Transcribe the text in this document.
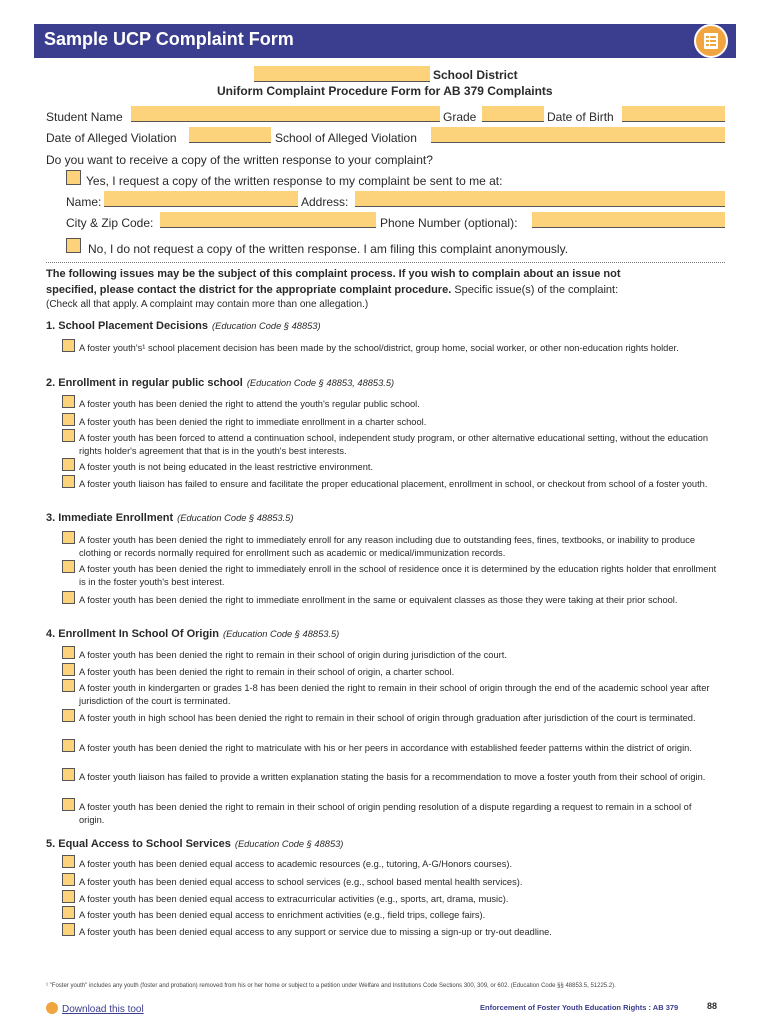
Sample UCP Complaint Form
School District
Uniform Complaint Procedure Form for AB 379 Complaints
Student Name	Grade	Date of Birth
Date of Alleged Violation	School of Alleged Violation
Do you want to receive a copy of the written response to your complaint?
Yes, I request a copy of the written response to my complaint be sent to me at:
Name:	Address:
City & Zip Code:	Phone Number (optional):
No, I do not request a copy of the written response. I am filing this complaint anonymously.
The following issues may be the subject of this complaint process. If you wish to complain about an issue not
specified, please contact the district for the appropriate complaint procedure. Specific issue(s) of the complaint:
(Check all that apply. A complaint may contain more than one allegation.)
1. School Placement Decisions (Education Code § 48853)
A foster youth's¹ school placement decision has been made by the school/district, group home, social worker, or other non-education rights holder.
2. Enrollment in regular public school (Education Code § 48853, 48853.5)
A foster youth has been denied the right to attend the youth's regular public school.
A foster youth has been denied the right to immediate enrollment in a charter school.
A foster youth has been forced to attend a continuation school, independent study program, or other alternative educational setting, without the education rights holder's agreement that that is in the youth's best interests.
A foster youth is not being educated in the least restrictive environment.
A foster youth liaison has failed to ensure and facilitate the proper educational placement, enrollment in school, or checkout from school of a foster youth.
3. Immediate Enrollment (Education Code § 48853.5)
A foster youth has been denied the right to immediately enroll for any reason including due to outstanding fees, fines, textbooks, or inability to produce clothing or records normally required for enrollment such as academic or medical/immunization records.
A foster youth has been denied the right to immediately enroll in the school of residence once it is determined by the education rights holder that enrollment is in the foster youth's best interest.
A foster youth has been denied the right to immediate enrollment in the same or equivalent classes as those they were taking at their prior school.
4. Enrollment In School Of Origin (Education Code § 48853.5)
A foster youth has been denied the right to remain in their school of origin during jurisdiction of the court.
A foster youth has been denied the right to remain in their school of origin, a charter school.
A foster youth in kindergarten or grades 1-8 has been denied the right to remain in their school of origin through the end of the academic school year after jurisdiction of the court is terminated.
A foster youth in high school has been denied the right to remain in their school of origin through graduation after jurisdiction of the court is terminated.
A foster youth has been denied the right to matriculate with his or her peers in accordance with established feeder patterns within the district of origin.
A foster youth liaison has failed to provide a written explanation stating the basis for a recommendation to move a foster youth from their school of origin.
A foster youth has been denied the right to remain in their school of origin pending resolution of a dispute regarding a request to remain in a school of origin.
5. Equal Access to School Services (Education Code § 48853)
A foster youth has been denied equal access to academic resources (e.g., tutoring, A-G/Honors courses).
A foster youth has been denied equal access to school services (e.g., school based mental health services).
A foster youth has been denied equal access to extracurricular activities (e.g., sports, art, drama, music).
A foster youth has been denied equal access to enrichment activities (e.g., field trips, college fairs).
A foster youth has been denied equal access to any support or service due to missing a sign-up or try-out deadline.
¹ "Foster youth" includes any youth (foster and probation) removed from his or her home or subject to a petition under Welfare and Institutions Code Sections 300, 309, or 602. (Education Code §§ 48853.5, 51225.2).
Download this tool	Enforcement of Foster Youth Education Rights : AB 379	88
